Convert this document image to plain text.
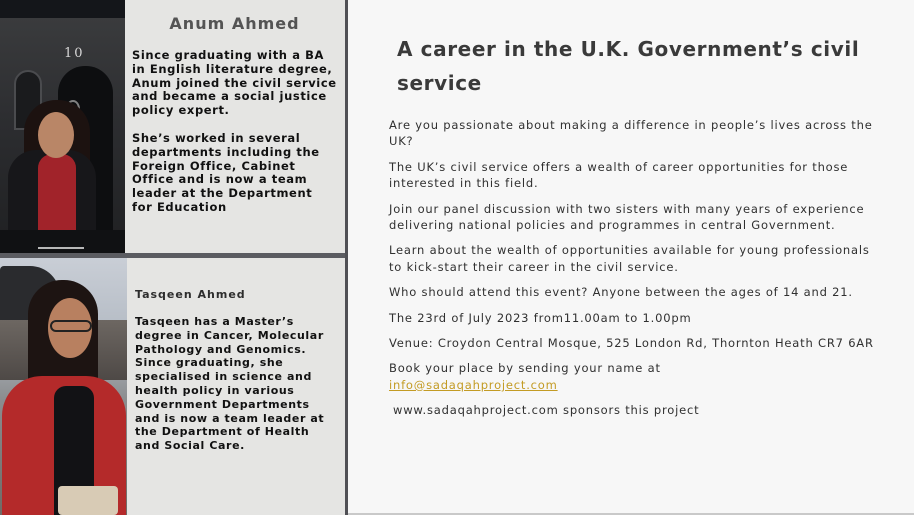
10
Anum Ahmed

Since graduating with a BA in English literature degree, Anum joined the civil service and became a social justice policy expert.

She’s worked in several departments including the Foreign Office, Cabinet Office and is now a team leader at the Department for Education

Tasqeen Ahmed

Tasqeen has a Master’s degree in Cancer, Molecular Pathology and Genomics. Since graduating, she specialised in science and health policy in various Government Departments and is now a team leader at the Department of Health and Social Care.

A career in the U.K. Government’s civil service

Are you passionate about making a difference in people’s lives across the UK?

The UK’s civil service offers a wealth of career opportunities for those interested in this field.

Join our panel discussion with two sisters with many years of experience delivering national policies and programmes in central Government.

Learn about the wealth of opportunities available for young professionals to kick-start their career in the civil service.

Who should attend this event? Anyone between the ages of 14 and 21.

The 23rd of July 2023 from11.00am to 1.00pm

Venue: Croydon Central Mosque, 525 London Rd, Thornton Heath CR7 6AR

Book your place by sending your name at
info@sadaqahproject.com

www.sadaqahproject.com sponsors this project
